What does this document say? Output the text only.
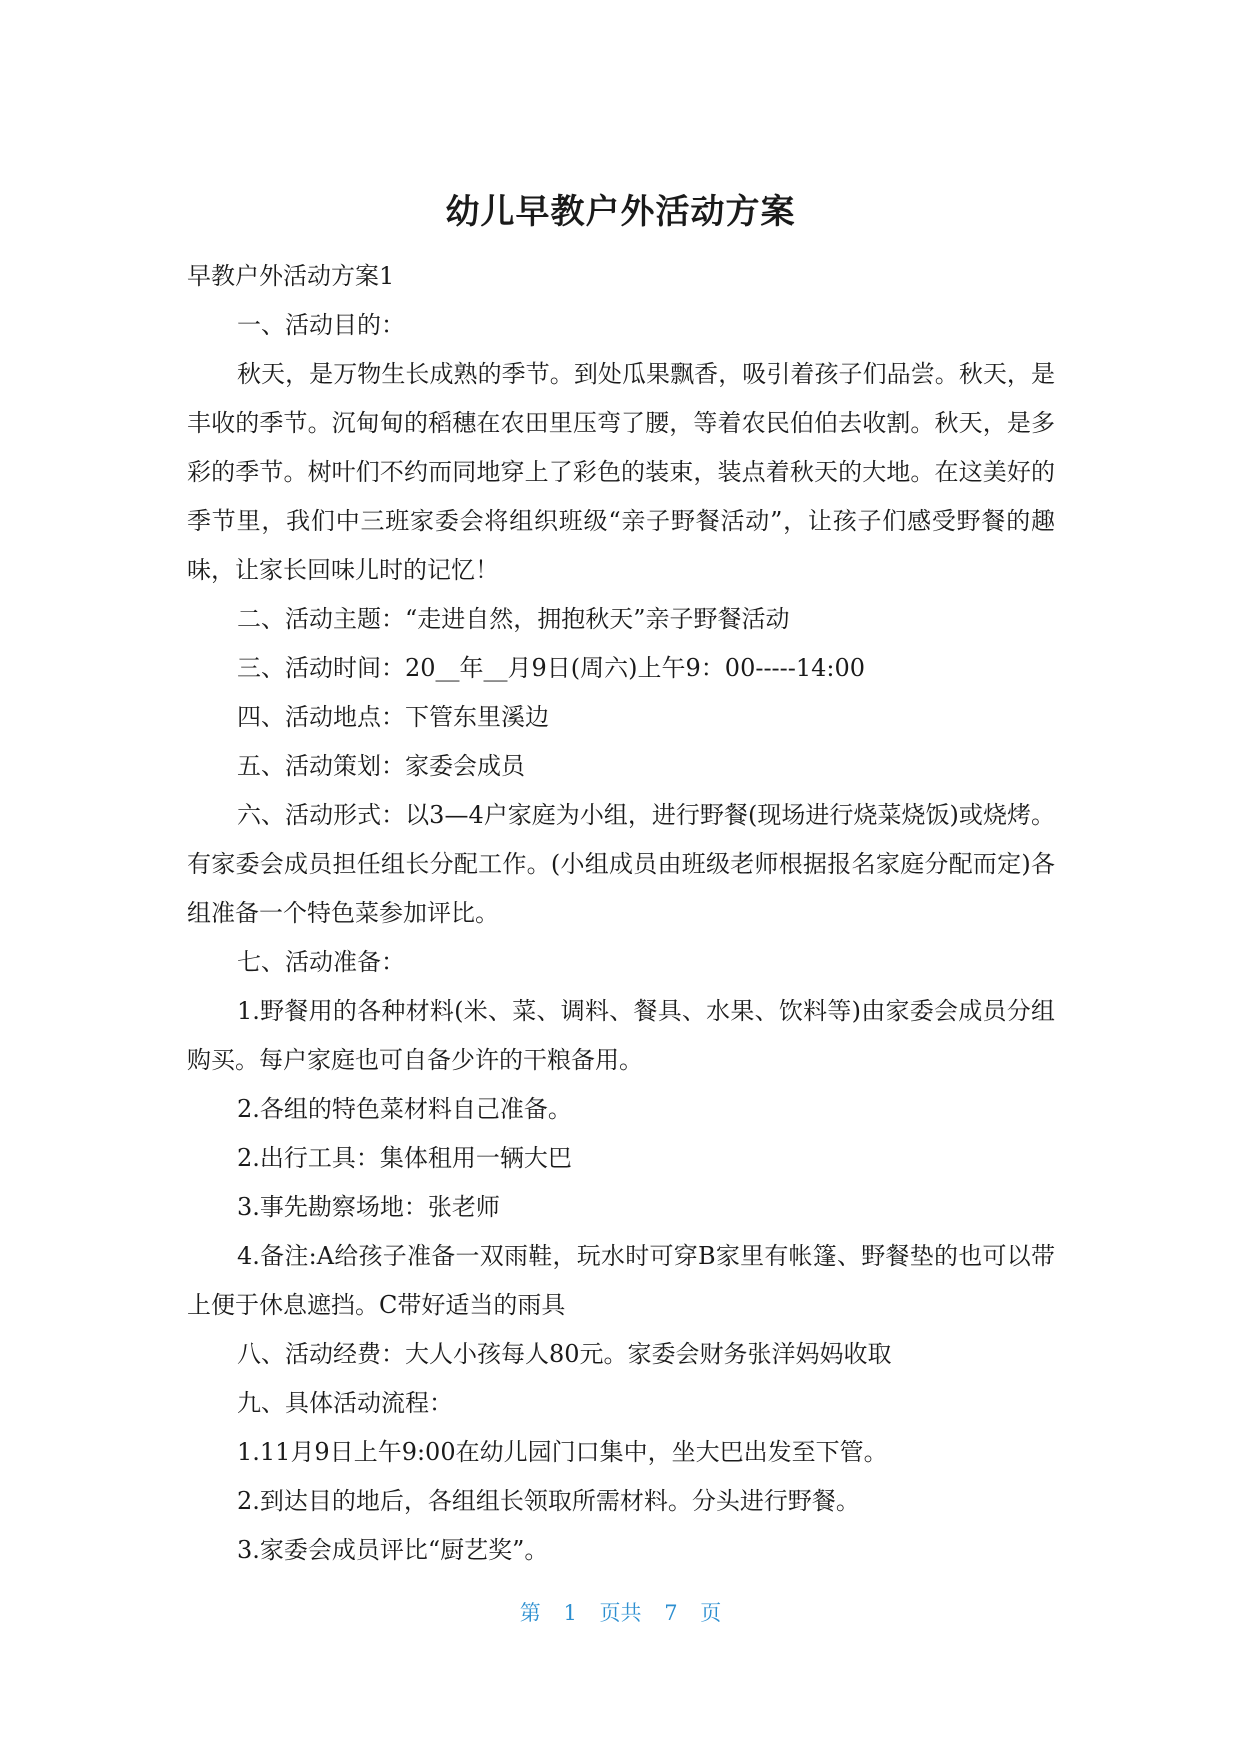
幼儿早教户外活动方案

早教户外活动方案1

一、活动目的：

秋天，是万物生长成熟的季节。到处瓜果飘香，吸引着孩子们品尝。秋天，是丰收的季节。沉甸甸的稻穗在农田里压弯了腰，等着农民伯伯去收割。秋天，是多彩的季节。树叶们不约而同地穿上了彩色的装束，装点着秋天的大地。在这美好的季节里，我们中三班家委会将组织班级“亲子野餐活动”，让孩子们感受野餐的趣味，让家长回味儿时的记忆！

二、活动主题：“走进自然，拥抱秋天”亲子野餐活动

三、活动时间：20__年__月9日(周六)上午9：00-----14:00

四、活动地点：下管东里溪边

五、活动策划：家委会成员

六、活动形式：以3—4户家庭为小组，进行野餐(现场进行烧菜烧饭)或烧烤。有家委会成员担任组长分配工作。(小组成员由班级老师根据报名家庭分配而定)各组准备一个特色菜参加评比。

七、活动准备：

1.野餐用的各种材料(米、菜、调料、餐具、水果、饮料等)由家委会成员分组购买。每户家庭也可自备少许的干粮备用。

2.各组的特色菜材料自己准备。

2.出行工具：集体租用一辆大巴

3.事先勘察场地：张老师

4.备注:A给孩子准备一双雨鞋，玩水时可穿B家里有帐篷、野餐垫的也可以带上便于休息遮挡。C带好适当的雨具

八、活动经费：大人小孩每人80元。家委会财务张洋妈妈收取

九、具体活动流程：

1.11月9日上午9:00在幼儿园门口集中，坐大巴出发至下管。

2.到达目的地后，各组组长领取所需材料。分头进行野餐。

3.家委会成员评比“厨艺奖”。

第 1 页共 7 页
